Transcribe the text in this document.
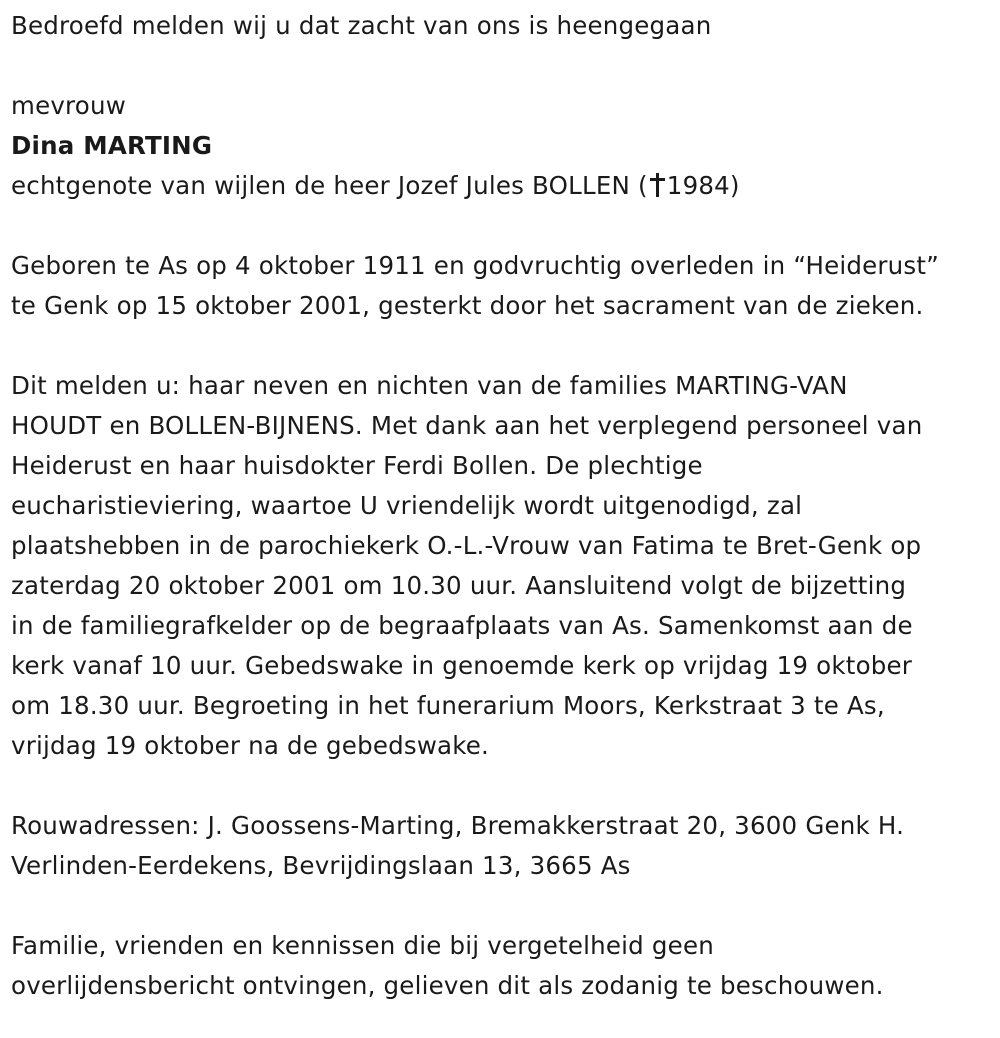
Bedroefd melden wij u dat zacht van ons is heengegaan
mevrouw
Dina MARTING
echtgenote van wijlen de heer Jozef Jules BOLLEN ( 1984)
Geboren te As op 4 oktober 1911 en godvruchtig overleden in “Heiderust”
te Genk op 15 oktober 2001, gesterkt door het sacrament van de zieken.
Dit melden u: haar neven en nichten van de families MARTING-VAN
HOUDT en BOLLEN-BIJNENS. Met dank aan het verplegend personeel van
Heiderust en haar huisdokter Ferdi Bollen. De plechtige
eucharistieviering, waartoe U vriendelijk wordt uitgenodigd, zal
plaatshebben in de parochiekerk O.-L.-Vrouw van Fatima te Bret-Genk op
zaterdag 20 oktober 2001 om 10.30 uur. Aansluitend volgt de bijzetting
in de familiegrafkelder op de begraafplaats van As. Samenkomst aan de
kerk vanaf 10 uur. Gebedswake in genoemde kerk op vrijdag 19 oktober
om 18.30 uur. Begroeting in het funerarium Moors, Kerkstraat 3 te As,
vrijdag 19 oktober na de gebedswake.
Rouwadressen: J. Goossens-Marting, Bremakkerstraat 20, 3600 Genk H.
Verlinden-Eerdekens, Bevrijdingslaan 13, 3665 As
Familie, vrienden en kennissen die bij vergetelheid geen
overlijdensbericht ontvingen, gelieven dit als zodanig te beschouwen.
